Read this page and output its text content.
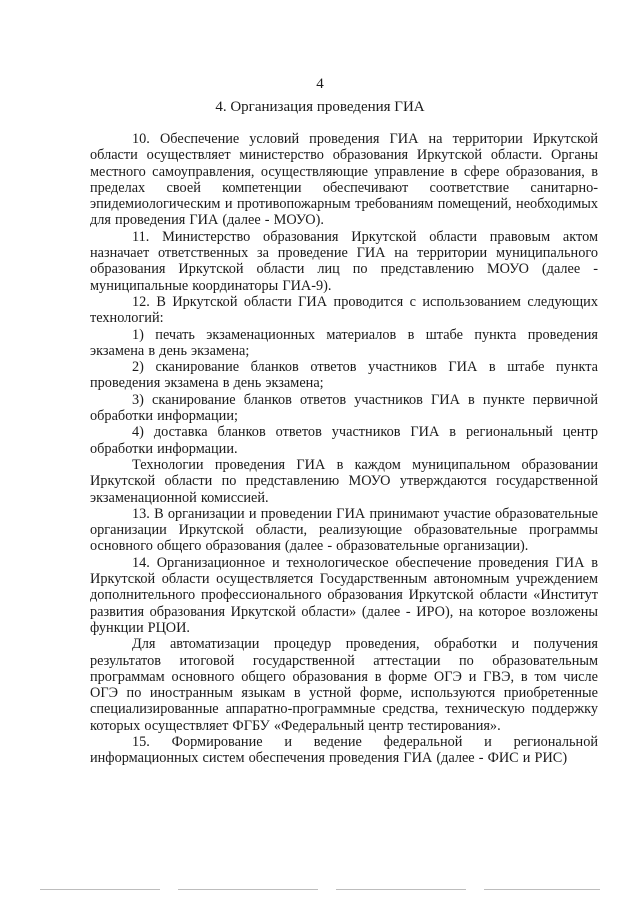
4
4. Организация проведения ГИА

10. Обеспечение условий проведения ГИА на территории Иркутской области осуществляет министерство образования Иркутской области. Органы местного самоуправления, осуществляющие управление в сфере образования, в пределах своей компетенции обеспечивают соответствие санитарно-эпидемиологическим и противопожарным требованиям помещений, необходимых для проведения ГИА (далее - МОУО).

11. Министерство образования Иркутской области правовым актом назначает ответственных за проведение ГИА на территории муниципального образования Иркутской области лиц по представлению МОУО (далее - муниципальные координаторы ГИА-9).

12. В Иркутской области ГИА проводится с использованием следующих технологий:

1) печать экзаменационных материалов в штабе пункта проведения экзамена в день экзамена;

2) сканирование бланков ответов участников ГИА в штабе пункта проведения экзамена в день экзамена;

3) сканирование бланков ответов участников ГИА в пункте первичной обработки информации;

4) доставка бланков ответов участников ГИА в региональный центр обработки информации.

Технологии проведения ГИА в каждом муниципальном образовании Иркутской области по представлению МОУО утверждаются государственной экзаменационной комиссией.

13. В организации и проведении ГИА принимают участие образовательные организации Иркутской области, реализующие образовательные программы основного общего образования (далее - образовательные организации).

14. Организационное и технологическое обеспечение проведения ГИА в Иркутской области осуществляется Государственным автономным учреждением дополнительного профессионального образования Иркутской области «Институт развития образования Иркутской области» (далее - ИРО), на которое возложены функции РЦОИ.

Для автоматизации процедур проведения, обработки и получения результатов итоговой государственной аттестации по образовательным программам основного общего образования в форме ОГЭ и ГВЭ, в том числе ОГЭ по иностранным языкам в устной форме, используются приобретенные специализированные аппаратно-программные средства, техническую поддержку которых осуществляет ФГБУ «Федеральный центр тестирования».

15. Формирование и ведение федеральной и региональной информационных систем обеспечения проведения ГИА (далее - ФИС и РИС)
